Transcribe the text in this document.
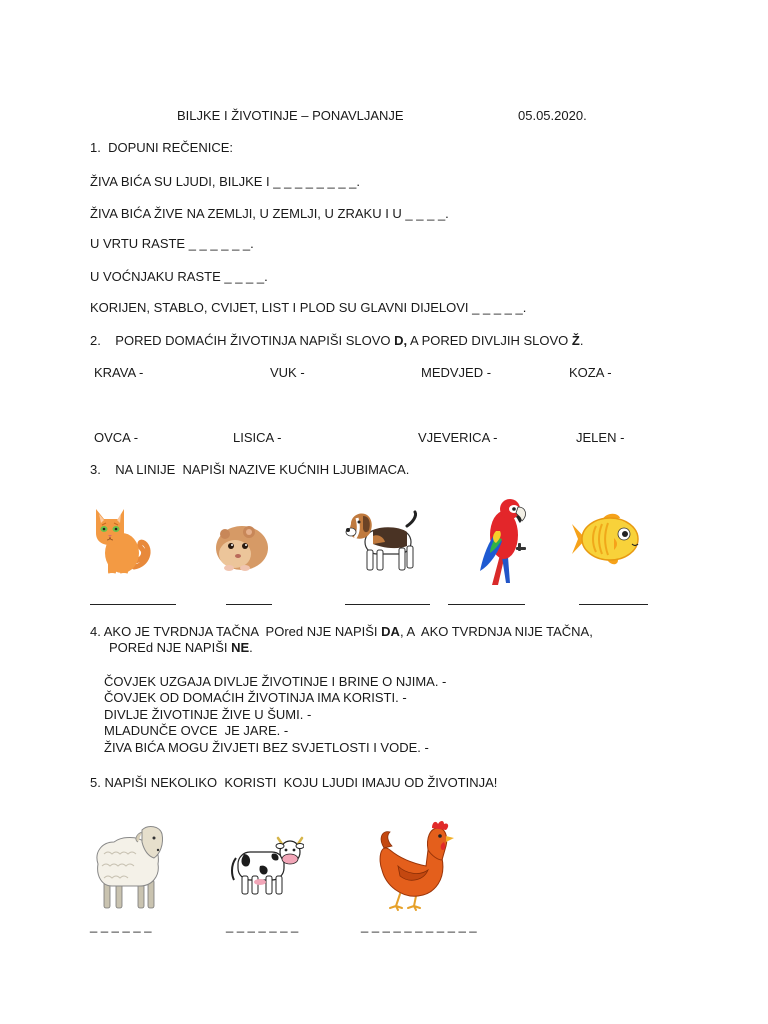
BILJKE I ŽIVOTINJE – PONAVLJANJE	05.05.2020.
1.  DOPUNI REČENICE:
ŽIVA BIĆA SU LJUDI, BILJKE I _ _ _ _ _ _ _ _.
ŽIVA BIĆA ŽIVE NA ZEMLJI, U ZEMLJI, U ZRAKU I U _ _ _ _.
U VRTU RASTE _ _ _ _ _ _.
U VOĆNJAKU RASTE _ _ _ _.
KORIJEN, STABLO, CVIJET, LIST I PLOD SU GLAVNI DIJELOVI _ _ _ _ _.
2. PORED DOMAĆIH ŽIVOTINJA NAPIŠI SLOVO D, A PORED DIVLJIH SLOVO Ž.
KRAVA -	VUK -	MEDVJED -	KOZA -
OVCA -	LISICA -	VJEVERICA -	JELEN -
3. NA LINIJE  NAPIŠI NAZIVE KUĆNIH LJUBIMACA.
4. AKO JE TVRDNJA TAČNA  POred NJE NAPIŠI DA, A  AKO TVRDNJA NIJE TAČNA,
POREd NJE NAPIŠI NE.
ČOVJEK UZGAJA DIVLJE ŽIVOTINJE I BRINE O NJIMA. -
ČOVJEK OD DOMAĆIH ŽIVOTINJA IMA KORISTI. -
DIVLJE ŽIVOTINJE ŽIVE U ŠUMI. -
MLADUNČE OVCE  JE JARE. -
ŽIVA BIĆA MOGU ŽIVJETI BEZ SVJETLOSTI I VODE. -
5. NAPIŠI NEKOLIKO  KORISTI  KOJU LJUDI IMAJU OD ŽIVOTINJA!
_ _ _ _ _ _	_ _ _ _ _ _ _	_ _ _ _ _ _ _ _ _ _ _
